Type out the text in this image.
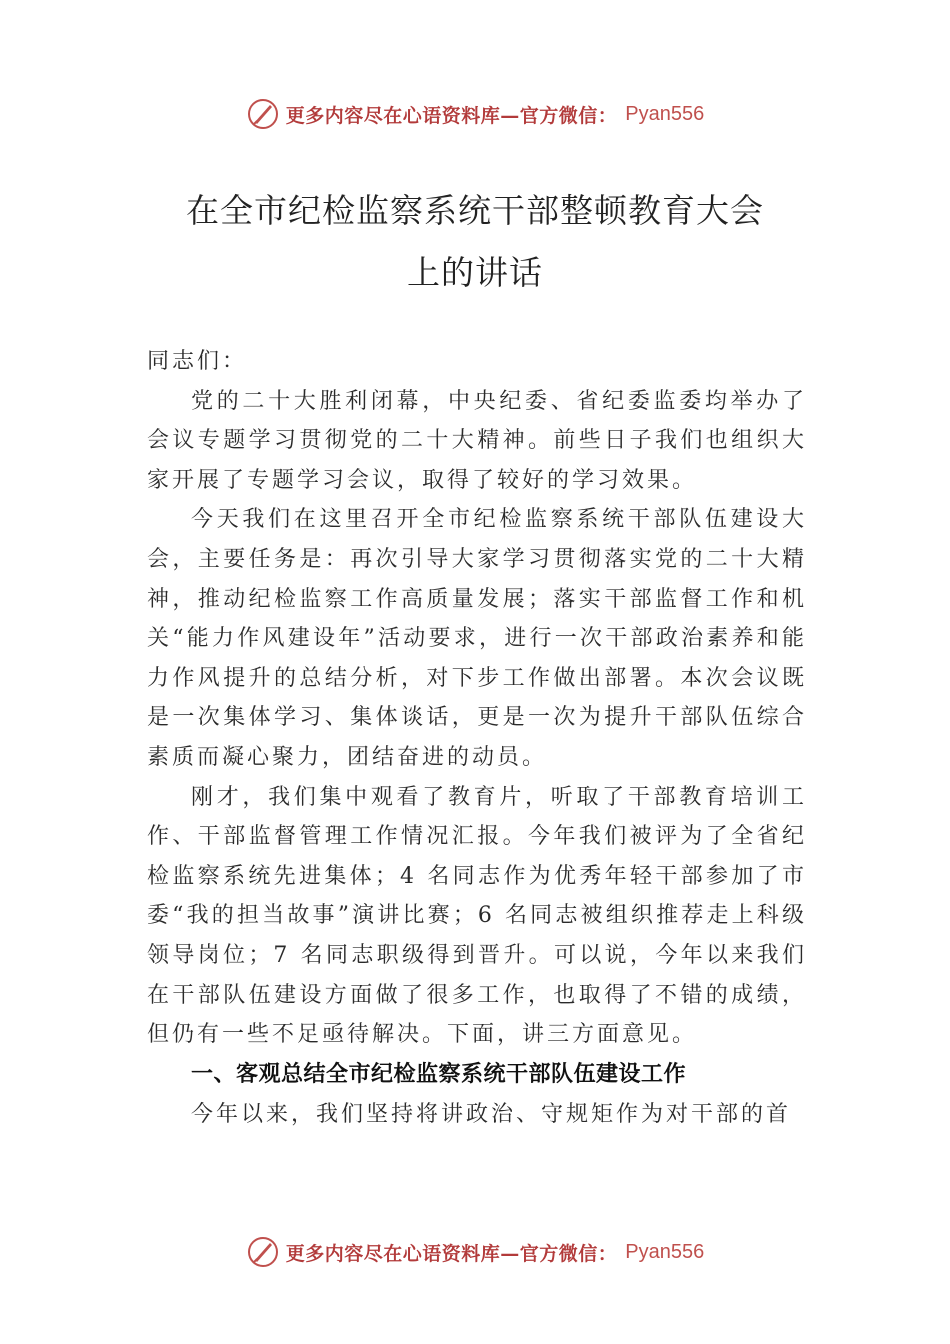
更多内容尽在心语资料库—官方微信： Pyan556
在全市纪检监察系统干部整顿教育大会
上的讲话

同志们：

党的二十大胜利闭幕，中央纪委、省纪委监委均举办了会议专题学习贯彻党的二十大精神。前些日子我们也组织大家开展了专题学习会议，取得了较好的学习效果。

今天我们在这里召开全市纪检监察系统干部队伍建设大会，主要任务是：再次引导大家学习贯彻落实党的二十大精神，推动纪检监察工作高质量发展；落实干部监督工作和机关“能力作风建设年”活动要求，进行一次干部政治素养和能力作风提升的总结分析，对下步工作做出部署。本次会议既是一次集体学习、集体谈话，更是一次为提升干部队伍综合素质而凝心聚力，团结奋进的动员。

刚才，我们集中观看了教育片，听取了干部教育培训工作、干部监督管理工作情况汇报。今年我们被评为了全省纪检监察系统先进集体；4 名同志作为优秀年轻干部参加了市委“我的担当故事”演讲比赛；6 名同志被组织推荐走上科级领导岗位；7 名同志职级得到晋升。可以说，今年以来我们在干部队伍建设方面做了很多工作，也取得了不错的成绩，但仍有一些不足亟待解决。下面，讲三方面意见。

一、客观总结全市纪检监察系统干部队伍建设工作

今年以来，我们坚持将讲政治、守规矩作为对干部的首

更多内容尽在心语资料库—官方微信： Pyan556
